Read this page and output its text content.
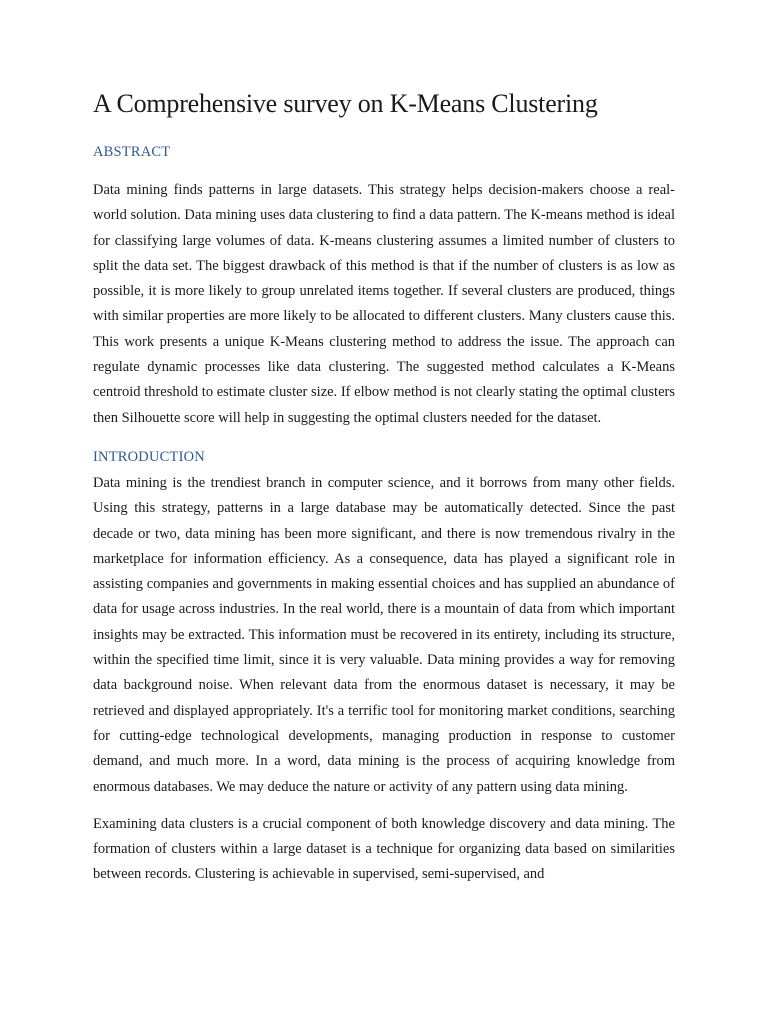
A Comprehensive survey on K-Means Clustering
ABSTRACT

Data mining finds patterns in large datasets. This strategy helps decision-makers choose a real-world solution. Data mining uses data clustering to find a data pattern. The K-means method is ideal for classifying large volumes of data. K-means clustering assumes a limited number of clusters to split the data set. The biggest drawback of this method is that if the number of clusters is as low as possible, it is more likely to group unrelated items together. If several clusters are produced, things with similar properties are more likely to be allocated to different clusters. Many clusters cause this. This work presents a unique K-Means clustering method to address the issue. The approach can regulate dynamic processes like data clustering. The suggested method calculates a K-Means centroid threshold to estimate cluster size. If elbow method is not clearly stating the optimal clusters then Silhouette score will help in suggesting the optimal clusters needed for the dataset.

INTRODUCTION

Data mining is the trendiest branch in computer science, and it borrows from many other fields. Using this strategy, patterns in a large database may be automatically detected. Since the past decade or two, data mining has been more significant, and there is now tremendous rivalry in the marketplace for information efficiency. As a consequence, data has played a significant role in assisting companies and governments in making essential choices and has supplied an abundance of data for usage across industries. In the real world, there is a mountain of data from which important insights may be extracted. This information must be recovered in its entirety, including its structure, within the specified time limit, since it is very valuable. Data mining provides a way for removing data background noise. When relevant data from the enormous dataset is necessary, it may be retrieved and displayed appropriately. It's a terrific tool for monitoring market conditions, searching for cutting-edge technological developments, managing production in response to customer demand, and much more. In a word, data mining is the process of acquiring knowledge from enormous databases. We may deduce the nature or activity of any pattern using data mining.

Examining data clusters is a crucial component of both knowledge discovery and data mining. The formation of clusters within a large dataset is a technique for organizing data based on similarities between records. Clustering is achievable in supervised, semi-supervised, and
